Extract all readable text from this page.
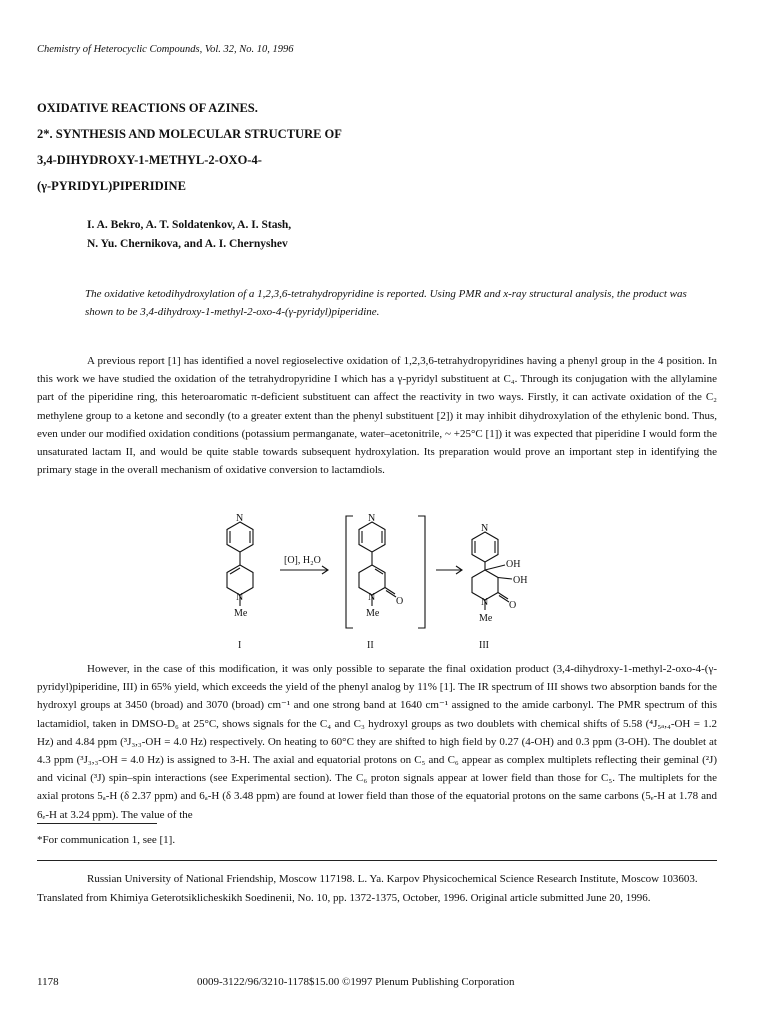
Chemistry of Heterocyclic Compounds, Vol. 32, No. 10, 1996
OXIDATIVE REACTIONS OF AZINES.
2*. SYNTHESIS AND MOLECULAR STRUCTURE OF
3,4-DIHYDROXY-1-METHYL-2-OXO-4-
(γ-PYRIDYL)PIPERIDINE
I. A. Bekro, A. T. Soldatenkov, A. I. Stash,
N. Yu. Chernikova, and A. I. Chernyshev
The oxidative ketodihydroxylation of a 1,2,3,6-tetrahydropyridine is reported. Using PMR and x-ray structural analysis, the product was shown to be 3,4-dihydroxy-1-methyl-2-oxo-4-(γ-pyridyl)piperidine.
A previous report [1] has identified a novel regioselective oxidation of 1,2,3,6-tetrahydropyridines having a phenyl group in the 4 position. In this work we have studied the oxidation of the tetrahydropyridine I which has a γ-pyridyl substituent at C₄. Through its conjugation with the allylamine part of the piperidine ring, this heteroaromatic π-deficient substituent can affect the reactivity in two ways. Firstly, it can activate oxidation of the C₂ methylene group to a ketone and secondly (to a greater extent than the phenyl substituent [2]) it may inhibit dihydroxylation of the ethylenic bond. Thus, even under our modified oxidation conditions (potassium permanganate, water–acetonitrile, ~ +25°C [1]) it was expected that piperidine I would form the unsaturated lactam II, and would be quite stable towards subsequent hydroxylation. Its preparation would prove an important step in identifying the primary stage in the overall mechanism of oxidative conversion to lactamdiols.
N
N
Me
I
[O], H₂O
N
N O
Me
II
N
OH
OH
O
N
Me
III
However, in the case of this modification, it was only possible to separate the final oxidation product (3,4-dihydroxy-1-methyl-2-oxo-4-(γ-pyridyl)piperidine, III) in 65% yield, which exceeds the yield of the phenyl analog by 11% [1]. The IR spectrum of III shows two absorption bands for the hydroxyl groups at 3450 (broad) and 3070 (broad) cm⁻¹ and one strong band at 1640 cm⁻¹ assigned to the amide carbonyl. The PMR spectrum of this lactamidiol, taken in DMSO-D₆ at 25°C, shows signals for the C₄ and C₃ hydroxyl groups as two doublets with chemical shifts of 5.58 (⁴J₅ₐ,₄-OH = 1.2 Hz) and 4.84 ppm (³J₃,₃-OH = 4.0 Hz) respectively. On heating to 60°C they are shifted to high field by 0.27 (4-OH) and 0.3 ppm (3-OH). The doublet at 4.3 ppm (³J₃,₃-OH = 4.0 Hz) is assigned to 3-H. The axial and equatorial protons on C₅ and C₆ appear as complex multiplets reflecting their geminal (²J) and vicinal (³J) spin–spin interactions (see Experimental section). The C₆ proton signals appear at lower field than those for C₅. The multiplets for the axial protons 5ₐ-H (δ 2.37 ppm) and 6ₐ-H (δ 3.48 ppm) are found at lower field than those of the equatorial protons on the same carbons (5ₑ-H at 1.78 and 6ₑ-H at 3.24 ppm). The value of the
*For communication 1, see [1].
Russian University of National Friendship, Moscow 117198. L. Ya. Karpov Physicochemical Science Research Institute, Moscow 103603. Translated from Khimiya Geterotsiklicheskikh Soedinenii, No. 10, pp. 1372-1375, October, 1996. Original article submitted June 20, 1996.
1178	0009-3122/96/3210-1178$15.00 ©1997 Plenum Publishing Corporation
